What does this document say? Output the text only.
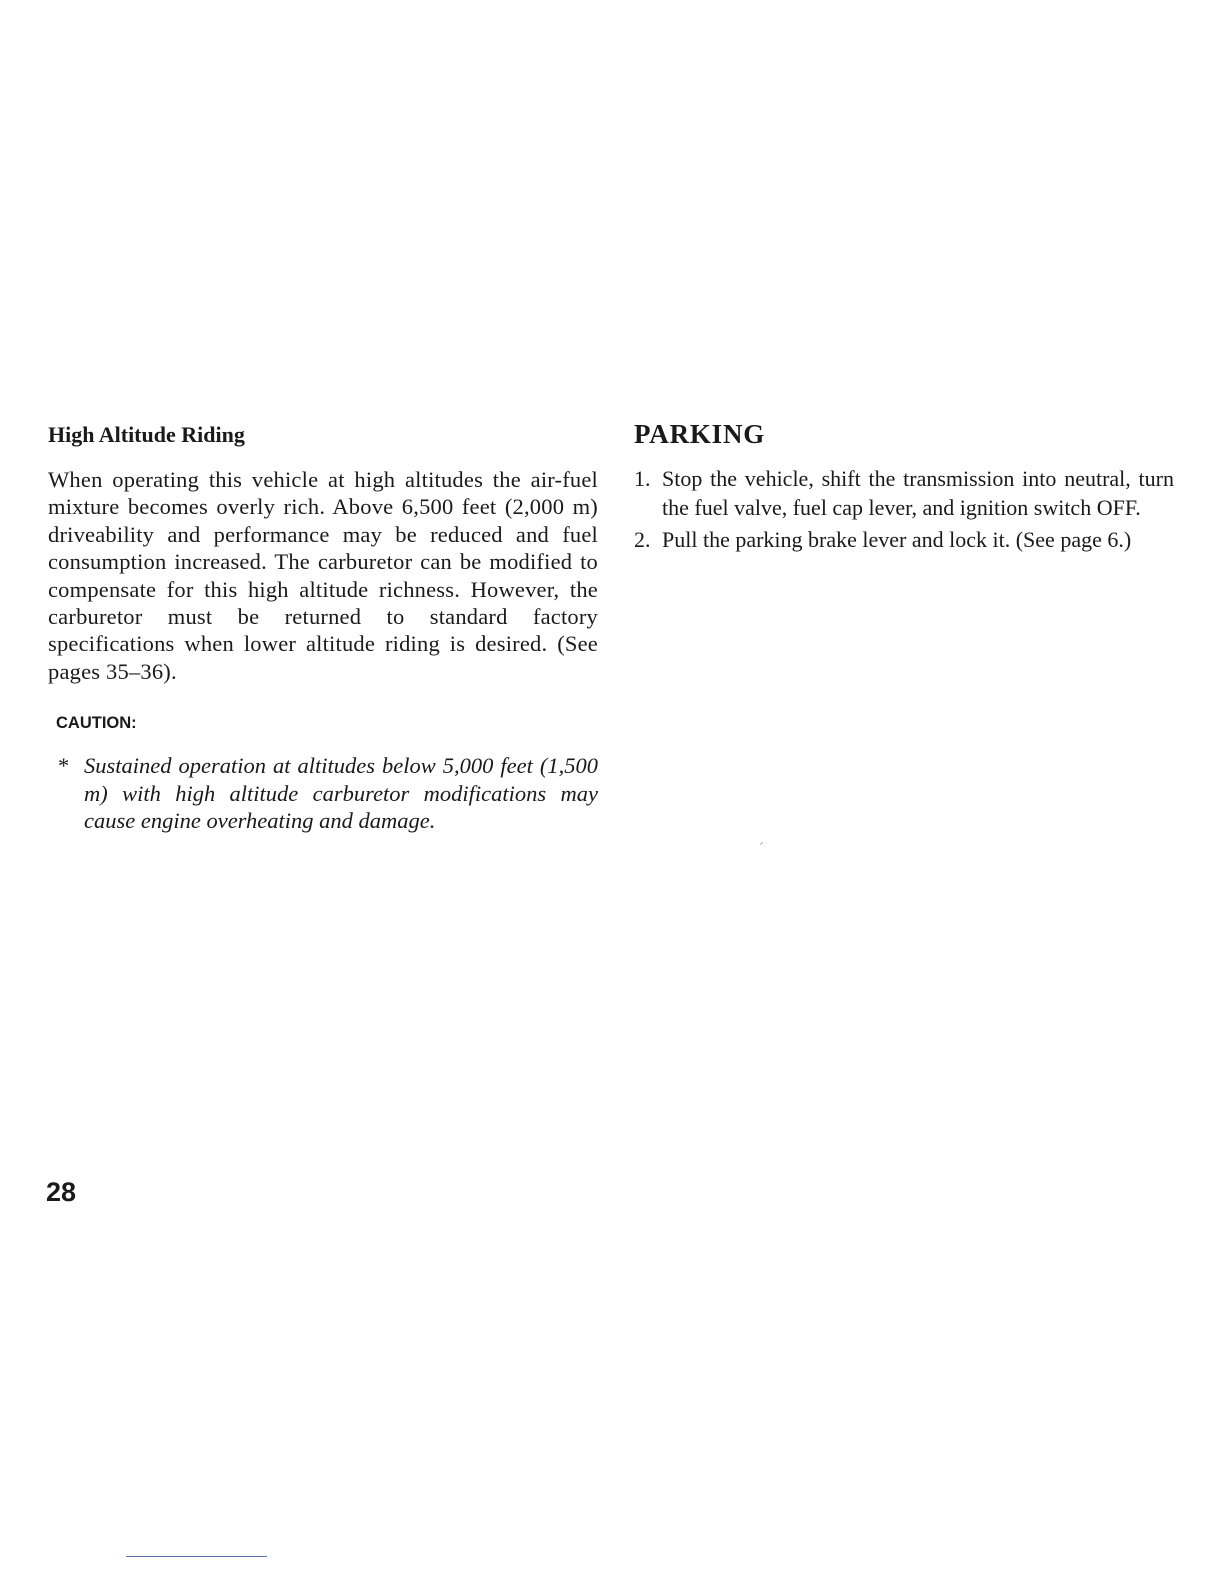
High Altitude Riding

When operating this vehicle at high altitudes the air-fuel mixture becomes overly rich. Above 6,500 feet (2,000 m) driveability and performance may be reduced and fuel consumption increased. The carburetor can be modified to compensate for this high altitude richness. However, the carburetor must be returned to standard factory specifications when lower altitude riding is desired. (See pages 35–36).

CAUTION:
* Sustained operation at altitudes below 5,000 feet (1,500 m) with high altitude carburetor modifications may cause engine overheating and damage.
PARKING
1. Stop the vehicle, shift the transmission into neutral, turn the fuel valve, fuel cap lever, and ignition switch OFF.
2. Pull the parking brake lever and lock it. (See page 6.)
28
